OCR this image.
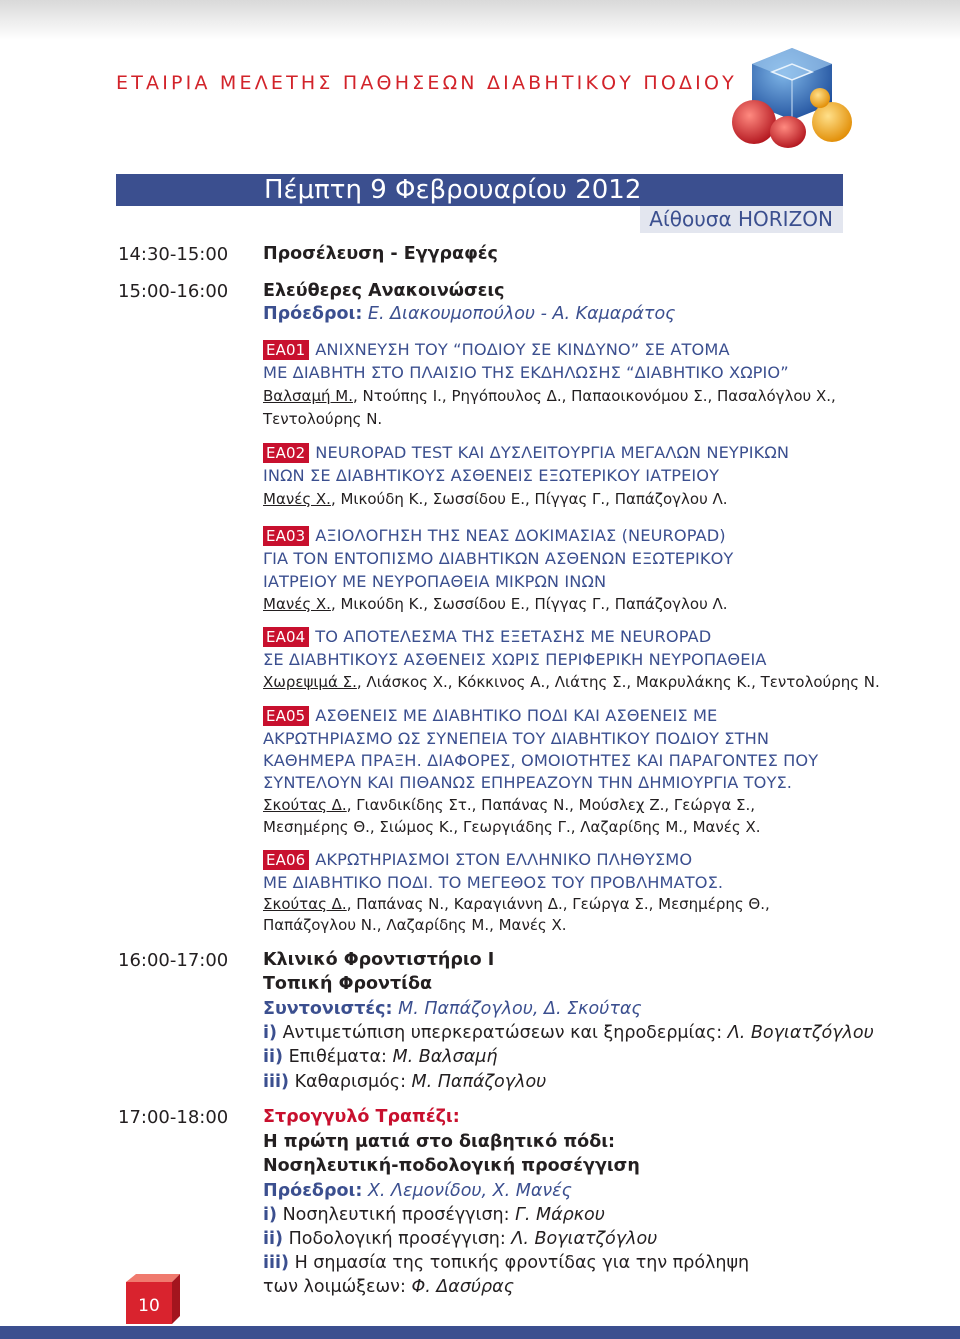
ΕΤΑΙΡΙΑ ΜΕΛΕΤΗΣ ΠΑΘΗΣΕΩΝ ΔΙΑΒΗΤΙΚΟΥ ΠΟΔΙΟΥ
Πέμπτη 9 Φεβρουαρίου 2012
Αίθουσα HORIZON
14:30-15:00 Προσέλευση - Εγγραφές
15:00-16:00 Ελεύθερες Ανακοινώσεις
Πρόεδροι: Ε. Διακουμοπούλου - Α. Καμαράτος
ΕΑ01 ΑΝΙΧΝΕΥΣΗ ΤΟΥ “ΠΟΔΙΟΥ ΣΕ ΚΙΝΔΥΝΟ” ΣΕ ΑΤΟΜΑ
ΜΕ ΔΙΑΒΗΤΗ ΣΤΟ ΠΛΑΙΣΙΟ ΤΗΣ ΕΚΔΗΛΩΣΗΣ “ΔΙΑΒΗΤΙΚΟ ΧΩΡΙΟ”
Βαλσαμή Μ., Ντούπης Ι., Ρηγόπουλος Δ., Παπαοικονόμου Σ., Πασαλόγλου Χ.,
Τεντολούρης Ν.
ΕΑ02 NEUROPAD TEST ΚΑΙ ΔΥΣΛΕΙΤΟΥΡΓΙΑ ΜΕΓΑΛΩΝ ΝΕΥΡΙΚΩΝ
ΙΝΩΝ ΣΕ ΔΙΑΒΗΤΙΚΟΥΣ ΑΣΘΕΝΕΙΣ ΕΞΩΤΕΡΙΚΟΥ ΙΑΤΡΕΙΟΥ
Μανές Χ., Μικούδη Κ., Σωσσίδου Ε., Πίγγας Γ., Παπάζογλου Λ.
ΕΑ03 ΑΞΙΟΛΟΓΗΣΗ ΤΗΣ ΝΕΑΣ ΔΟΚΙΜΑΣΙΑΣ (NEUROPAD)
ΓΙΑ ΤΟΝ ΕΝΤΟΠΙΣΜΟ ΔΙΑΒΗΤΙΚΩΝ ΑΣΘΕΝΩΝ ΕΞΩΤΕΡΙΚΟΥ
ΙΑΤΡΕΙΟΥ ΜΕ ΝΕΥΡΟΠΑΘΕΙΑ ΜΙΚΡΩΝ ΙΝΩΝ
Μανές Χ., Μικούδη Κ., Σωσσίδου Ε., Πίγγας Γ., Παπάζογλου Λ.
ΕΑ04 ΤΟ ΑΠΟΤΕΛΕΣΜΑ ΤΗΣ ΕΞΕΤΑΣΗΣ ΜΕ NEUROPAD
ΣΕ ΔΙΑΒΗΤΙΚΟΥΣ ΑΣΘΕΝΕΙΣ ΧΩΡΙΣ ΠΕΡΙΦΕΡΙΚΗ ΝΕΥΡΟΠΑΘΕΙΑ
Χωρεψιμά Σ., Λιάσκος Χ., Κόκκινος Α., Λιάτης Σ., Μακρυλάκης Κ., Τεντολούρης Ν.
ΕΑ05 ΑΣΘΕΝΕΙΣ ΜΕ ΔΙΑΒΗΤΙΚΟ ΠΟΔΙ ΚΑΙ ΑΣΘΕΝΕΙΣ ΜΕ
ΑΚΡΩΤΗΡΙΑΣΜΟ ΩΣ ΣΥΝΕΠΕΙΑ ΤΟΥ ΔΙΑΒΗΤΙΚΟΥ ΠΟΔΙΟΥ ΣΤΗΝ
ΚΑΘΗΜΕΡΑ ΠΡΑΞΗ. ΔΙΑΦΟΡΕΣ, ΟΜΟΙΟΤΗΤΕΣ ΚΑΙ ΠΑΡΑΓΟΝΤΕΣ ΠΟΥ
ΣΥΝΤΕΛΟΥΝ ΚΑΙ ΠΙΘΑΝΩΣ ΕΠΗΡΕΑΖΟΥΝ ΤΗΝ ΔΗΜΙΟΥΡΓΙΑ ΤΟΥΣ.
Σκούτας Δ., Γιανδικίδης Στ., Παπάνας Ν., Μούσλεχ Ζ., Γεώργα Σ.,
Μεσημέρης Θ., Σιώμος Κ., Γεωργιάδης Γ., Λαζαρίδης Μ., Μανές Χ.
ΕΑ06 ΑΚΡΩΤΗΡΙΑΣΜΟΙ ΣΤΟΝ ΕΛΛΗΝΙΚΟ ΠΛΗΘΥΣΜΟ
ΜΕ ΔΙΑΒΗΤΙΚΟ ΠΟΔΙ. ΤΟ ΜΕΓΕΘΟΣ ΤΟΥ ΠΡΟΒΛΗΜΑΤΟΣ.
Σκούτας Δ., Παπάνας Ν., Καραγιάννη Δ., Γεώργα Σ., Μεσημέρης Θ.,
Παπάζογλου Ν., Λαζαρίδης Μ., Μανές Χ.
16:00-17:00 Κλινικό Φροντιστήριο Ι
Τοπική Φροντίδα
Συντονιστές: Μ. Παπάζογλου, Δ. Σκούτας
i) Αντιμετώπιση υπερκερατώσεων και ξηροδερμίας: Λ. Βογιατζόγλου
ii) Επιθέματα: Μ. Βαλσαμή
iii) Καθαρισμός: Μ. Παπάζογλου
17:00-18:00 Στρογγυλό Τραπέζι:
Η πρώτη ματιά στο διαβητικό πόδι:
Νοσηλευτική-ποδολογική προσέγγιση
Πρόεδροι: Χ. Λεμονίδου, Χ. Μανές
i) Νοσηλευτική προσέγγιση: Γ. Μάρκου
ii) Ποδολογική προσέγγιση: Λ. Βογιατζόγλου
iii) Η σημασία της τοπικής φροντίδας για την πρόληψη
των λοιμώξεων: Φ. Δασύρας
10
